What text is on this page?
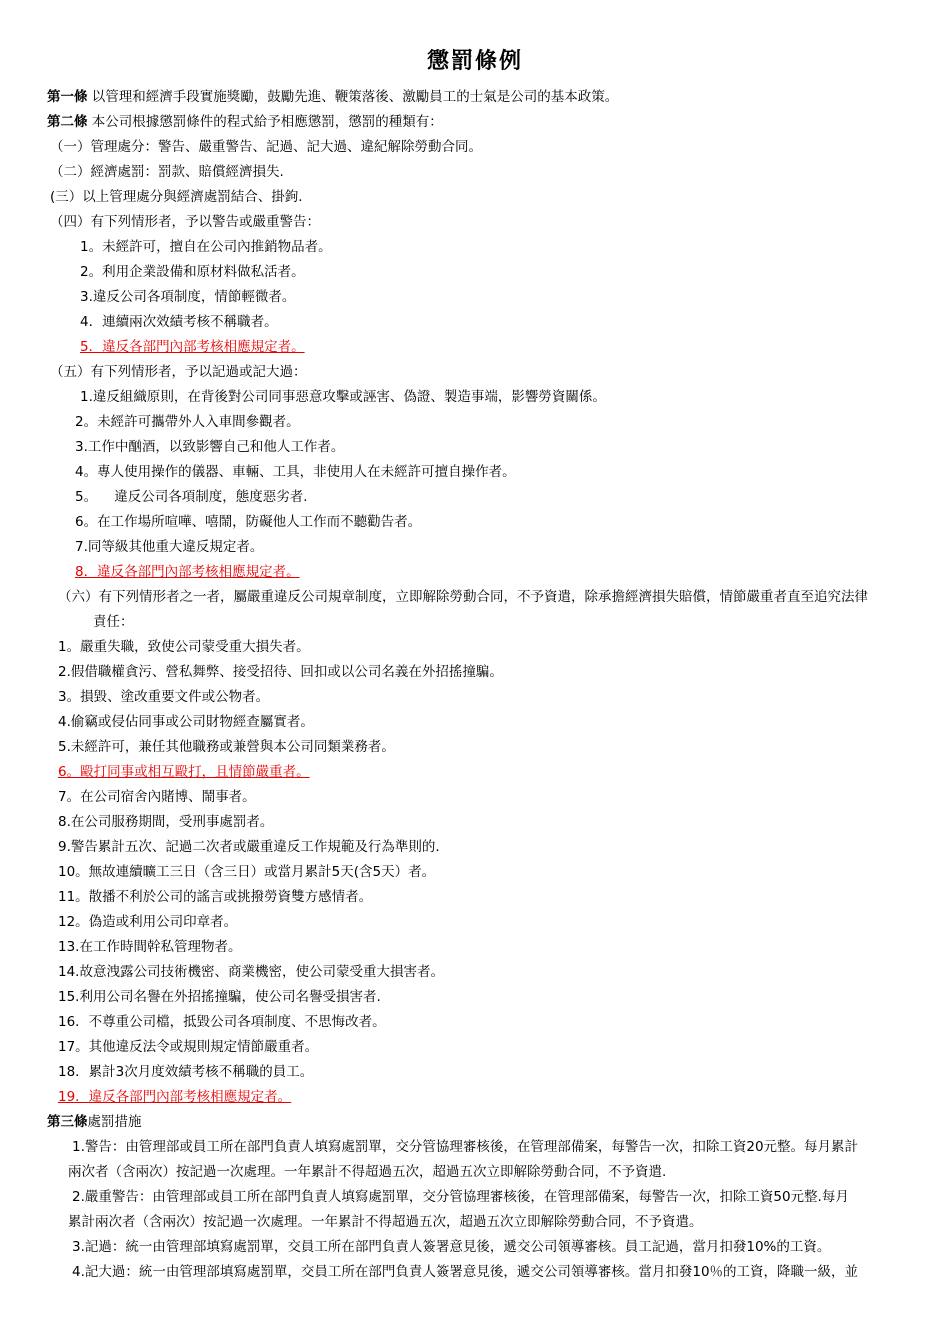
懲罰條例
第一條 以管理和經濟手段實施獎勵，鼓勵先進、鞭策落後、激勵員工的士氣是公司的基本政策。
第二條 本公司根據懲罰條件的程式給予相應懲罰，懲罰的種類有：
（一）管理處分：警告、嚴重警告、記過、記大過、違紀解除勞動合同。
（二）經濟處罰：罰款、賠償經濟損失.
(三）以上管理處分與經濟處罰結合、掛鉤.
（四）有下列情形者，予以警告或嚴重警告：
1。未經許可，擅自在公司內推銷物品者。
2。利用企業設備和原材料做私活者。
3.違反公司各項制度，情節輕微者。
4．連續兩次效績考核不稱職者。
5．違反各部門內部考核相應規定者。
（五）有下列情形者，予以記過或記大過：
1.違反組織原則，在背後對公司同事惡意攻擊或誣害、偽證、製造事端，影響勞資關係。
2。未經許可攜帶外人入車間參觀者。
3.工作中酗酒，以致影響自己和他人工作者。
4。專人使用操作的儀器、車輛、工具，非使用人在未經許可擅自操作者。
5。    違反公司各項制度，態度惡劣者.
6。在工作場所喧嘩、嘻鬧，防礙他人工作而不聽勸告者。
7.同等級其他重大違反規定者。
8．違反各部門內部考核相應規定者。
（六）有下列情形者之一者，屬嚴重違反公司規章制度，立即解除勞動合同，不予資遣，除承擔經濟損失賠償，情節嚴重者直至追究法律
責任：
1。嚴重失職，致使公司蒙受重大損失者。
2.假借職權貪污、營私舞弊、接受招待、回扣或以公司名義在外招搖撞騙。
3。損毀、塗改重要文件或公物者。
4.偷竊或侵佔同事或公司財物經查屬實者。
5.未經許可，兼任其他職務或兼營與本公司同類業務者。
6。毆打同事或相互毆打，且情節嚴重者。
7。在公司宿舍內賭博、鬧事者。
8.在公司服務期間，受刑事處罰者。
9.警告累計五次、記過二次者或嚴重違反工作規範及行為準則的.
10。無故連續曠工三日（含三日）或當月累計5天(含5天）者。
11。散播不利於公司的謠言或挑撥勞資雙方感情者。
12。偽造或利用公司印章者。
13.在工作時間幹私管理物者。
14.故意洩露公司技術機密、商業機密，使公司蒙受重大損害者。
15.利用公司名譽在外招搖撞騙，使公司名譽受損害者.
16．不尊重公司檔，抵毀公司各項制度、不思悔改者。
17。其他違反法令或規則規定情節嚴重者。
18．累計3次月度效績考核不稱職的員工。
19．違反各部門內部考核相應規定者。
第三條處罰措施
1.警告：由管理部或員工所在部門負責人填寫處罰單，交分管協理審核後，在管理部備案，每警告一次，扣除工資20元整。每月累計
兩次者（含兩次）按記過一次處理。一年累計不得超過五次，超過五次立即解除勞動合同，不予資遣.
2.嚴重警告：由管理部或員工所在部門負責人填寫處罰單，交分管協理審核後，在管理部備案，每警告一次，扣除工資50元整.每月
累計兩次者（含兩次）按記過一次處理。一年累計不得超過五次，超過五次立即解除勞動合同，不予資遣。
3.記過：統一由管理部填寫處罰單，交員工所在部門負責人簽署意見後，遞交公司領導審核。員工記過，當月扣發10%的工資。
4.記大過：統一由管理部填寫處罰單，交員工所在部門負責人簽署意見後，遞交公司領導審核。當月扣發10％的工資，降職一級，並
